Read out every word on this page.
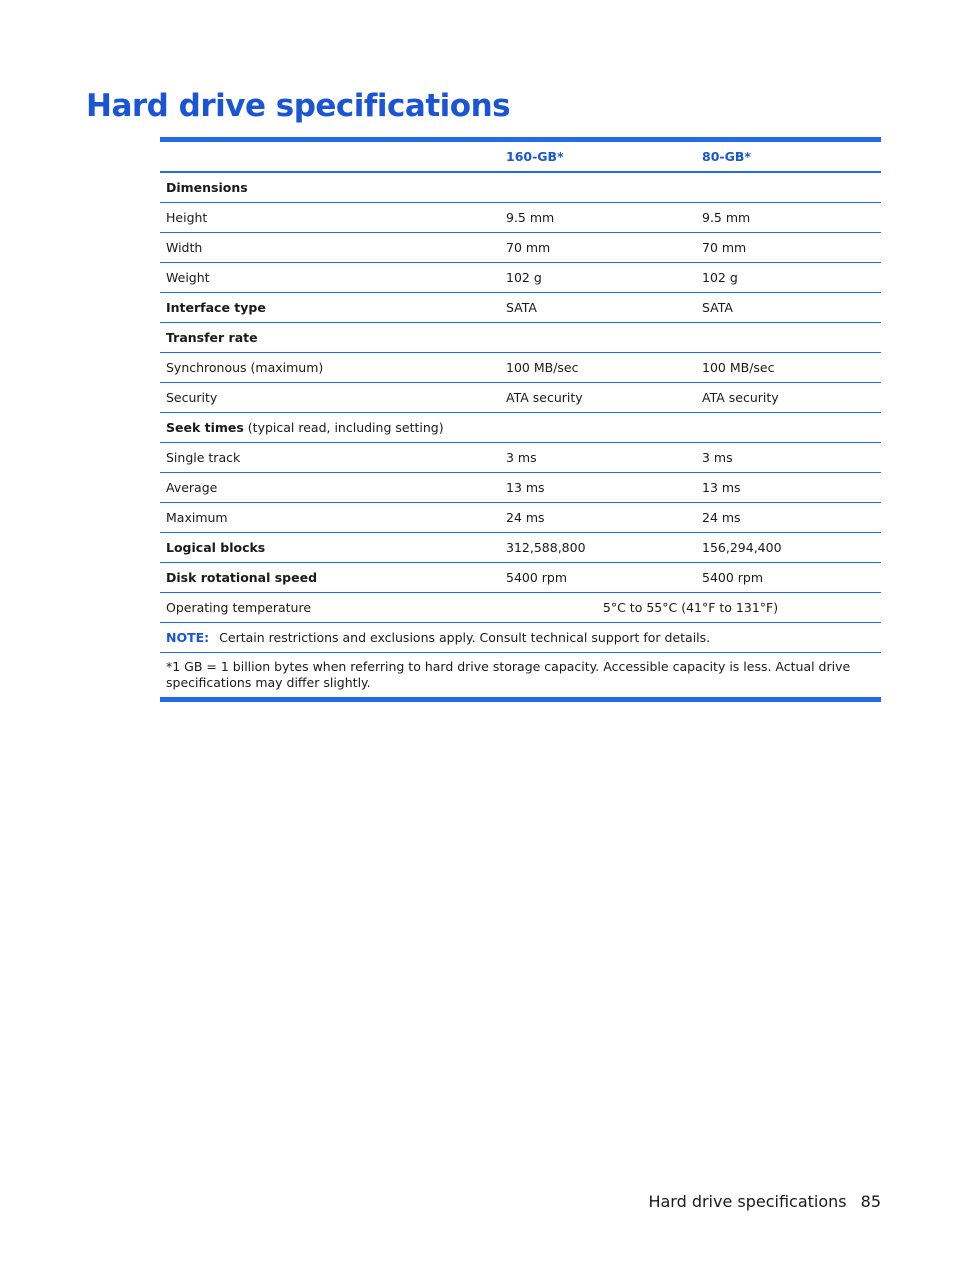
Hard drive specifications
	160-GB*	80-GB*
Dimensions		
Height	9.5 mm	9.5 mm
Width	70 mm	70 mm
Weight	102 g	102 g
Interface type	SATA	SATA
Transfer rate		
Synchronous (maximum)	100 MB/sec	100 MB/sec
Security	ATA security	ATA security
Seek times (typical read, including setting)		
Single track	3 ms	3 ms
Average	13 ms	13 ms
Maximum	24 ms	24 ms
Logical blocks	312,588,800	156,294,400
Disk rotational speed	5400 rpm	5400 rpm
Operating temperature	5°C to 55°C (41°F to 131°F)	
NOTE: Certain restrictions and exclusions apply. Consult technical support for details.		
*1 GB = 1 billion bytes when referring to hard drive storage capacity. Accessible capacity is less. Actual drive specifications may differ slightly.		
Hard drive specifications 85
